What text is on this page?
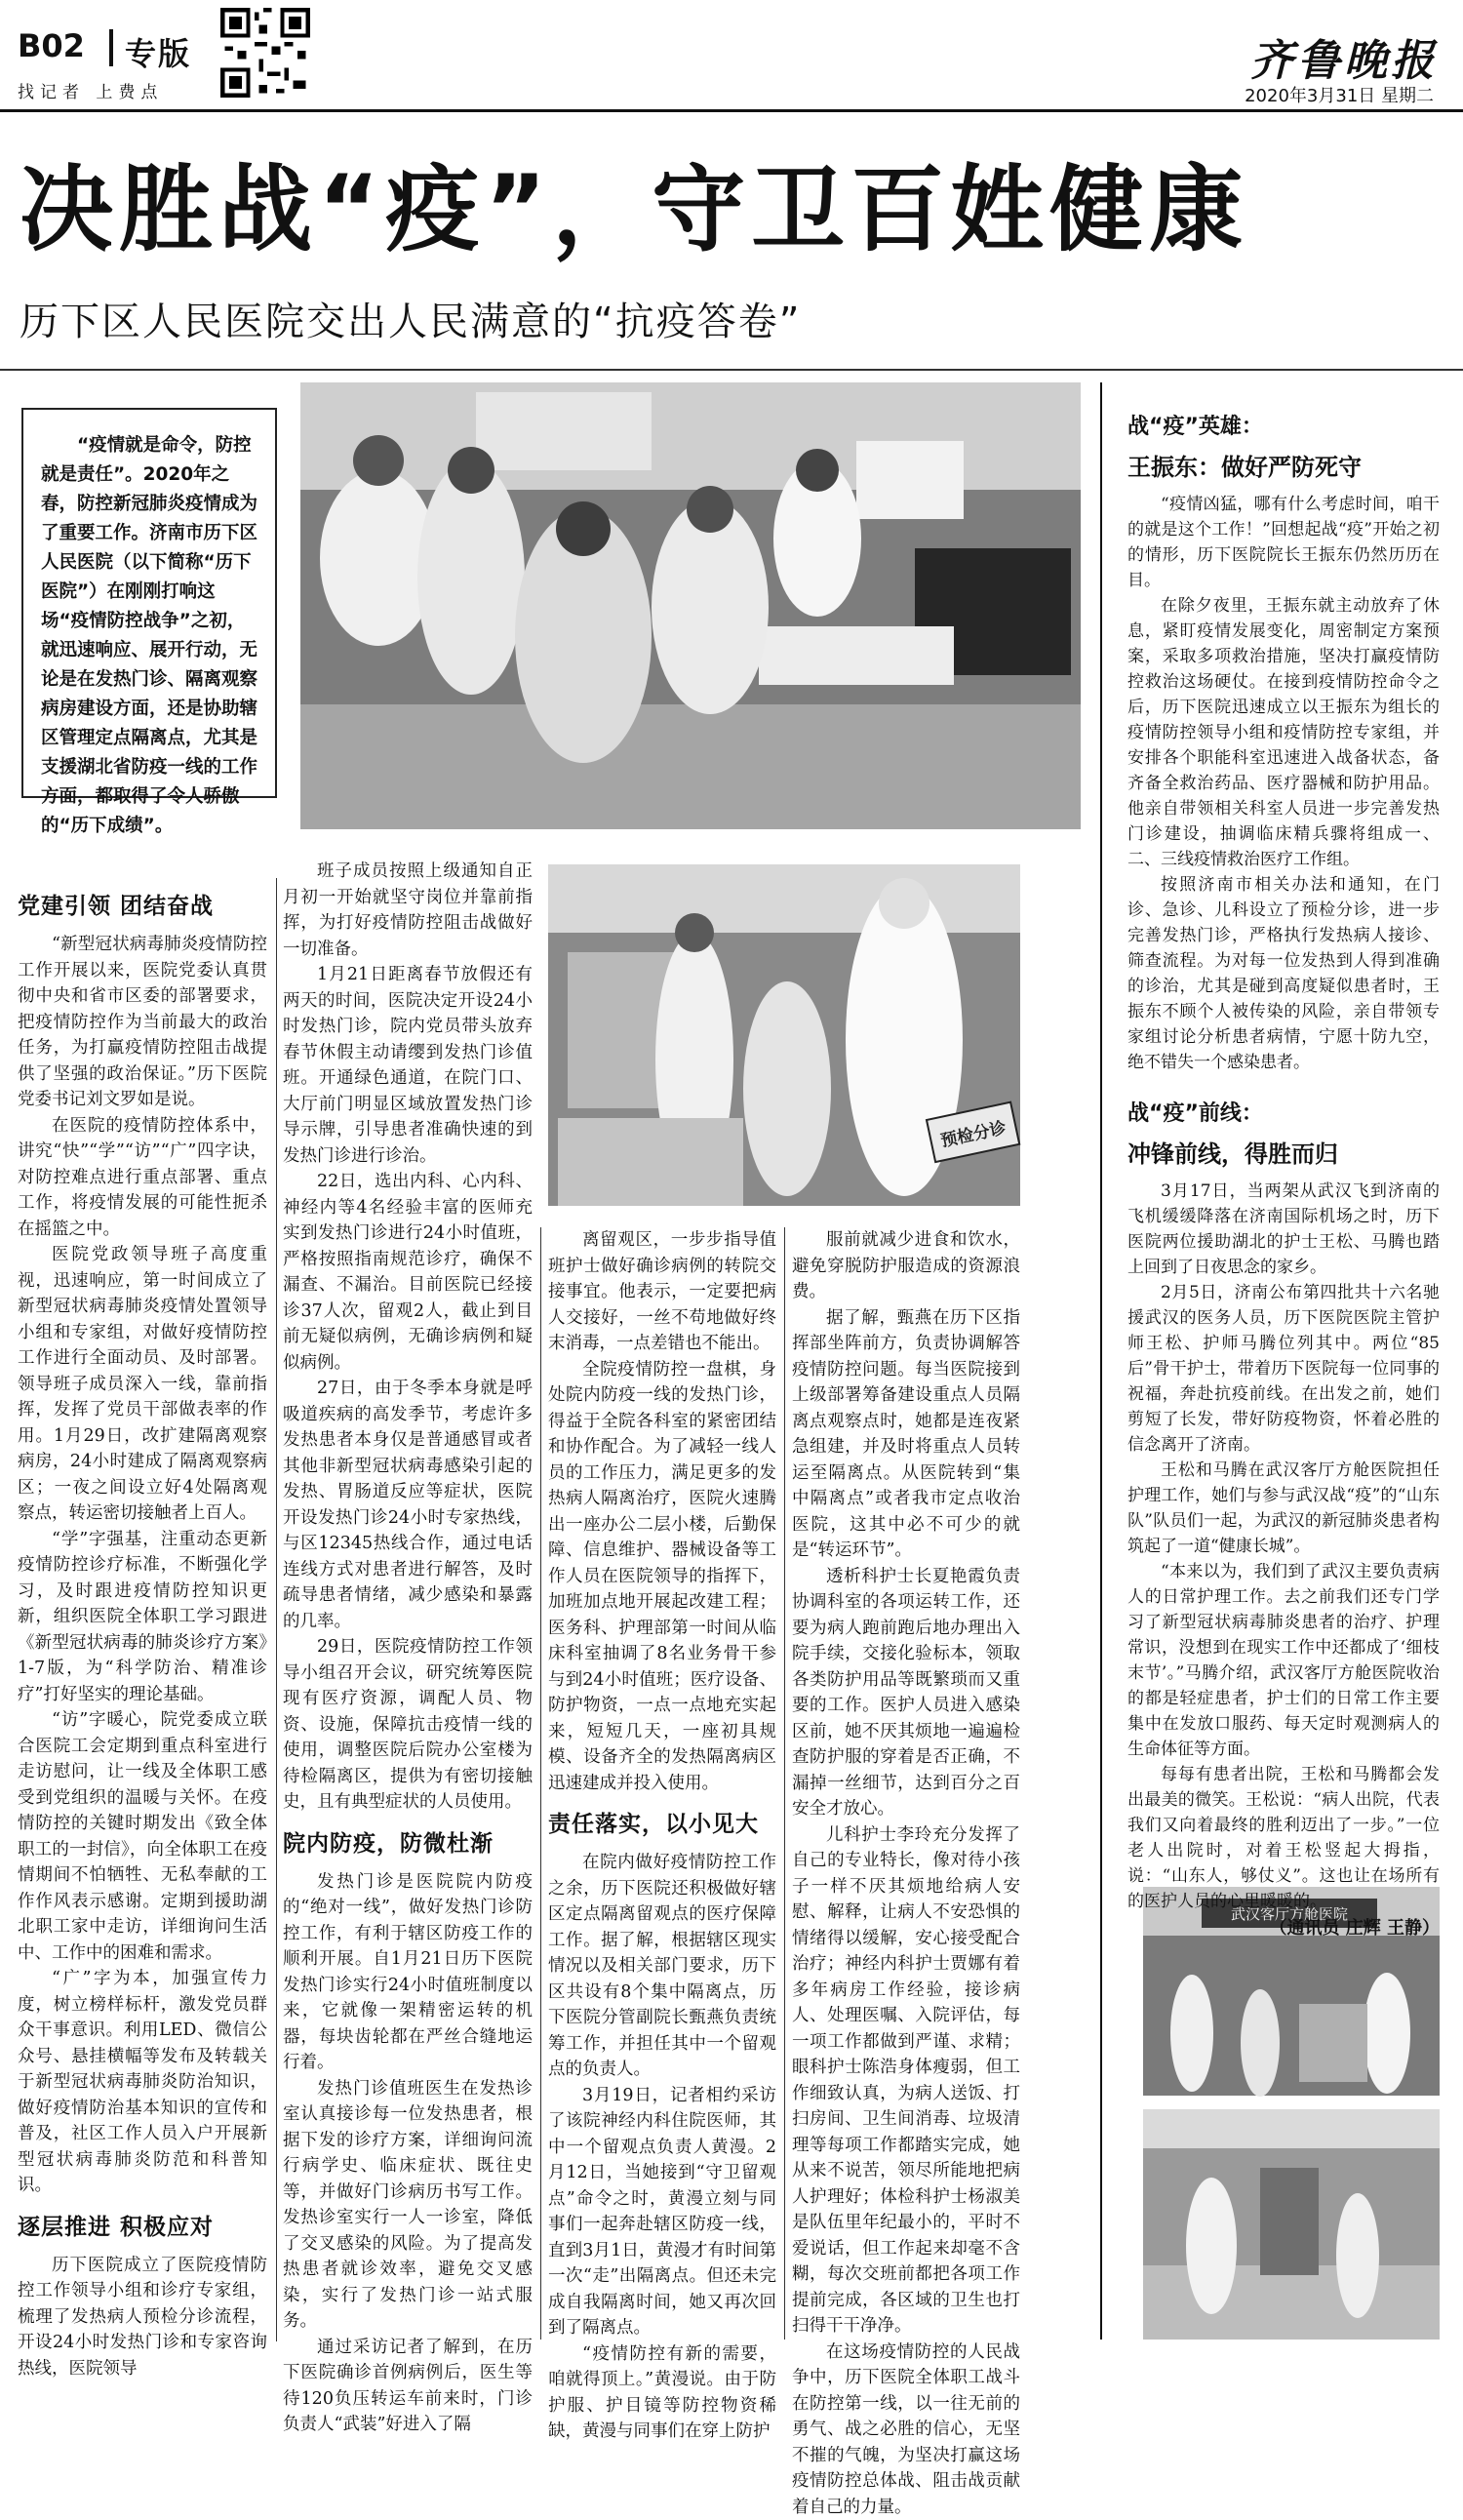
B02 专版
找记者 上费点
齐鲁晚报
2020年3月31日 星期二
决胜战“疫”，守卫百姓健康
历下区人民医院交出人民满意的“抗疫答卷”
“疫情就是命令，防控就是责任”。2020年之春，防控新冠肺炎疫情成为了重要工作。济南市历下区人民医院（以下简称“历下医院”）在刚刚打响这场“疫情防控战争”之初，就迅速响应、展开行动，无论是在发热门诊、隔离观察病房建设方面，还是协助辖区管理定点隔离点，尤其是支援湖北省防疫一线的工作方面，都取得了令人骄傲的“历下成绩”。
预检分诊
武汉客厅方舱医院
党建引领 团结奋战

“新型冠状病毒肺炎疫情防控工作开展以来，医院党委认真贯彻中央和省市区委的部署要求，把疫情防控作为当前最大的政治任务，为打赢疫情防控阻击战提供了坚强的政治保证。”历下医院党委书记刘文罗如是说。

在医院的疫情防控体系中，讲究“快”“学”“访”“广”四字诀，对防控难点进行重点部署、重点工作，将疫情发展的可能性扼杀在摇篮之中。

医院党政领导班子高度重视，迅速响应，第一时间成立了新型冠状病毒肺炎疫情处置领导小组和专家组，对做好疫情防控工作进行全面动员、及时部署。领导班子成员深入一线，靠前指挥，发挥了党员干部做表率的作用。1月29日，改扩建隔离观察病房，24小时建成了隔离观察病区；一夜之间设立好4处隔离观察点，转运密切接触者上百人。

“学”字强基，注重动态更新疫情防控诊疗标准，不断强化学习，及时跟进疫情防控知识更新，组织医院全体职工学习跟进《新型冠状病毒的肺炎诊疗方案》1-7版，为“科学防治、精准诊疗”打好坚实的理论基础。

“访”字暖心，院党委成立联合医院工会定期到重点科室进行走访慰问，让一线及全体职工感受到党组织的温暖与关怀。在疫情防控的关键时期发出《致全体职工的一封信》，向全体职工在疫情期间不怕牺牲、无私奉献的工作作风表示感谢。定期到援助湖北职工家中走访，详细询问生活中、工作中的困难和需求。

“广”字为本，加强宣传力度，树立榜样标杆，激发党员群众干事意识。利用LED、微信公众号、悬挂横幅等发布及转载关于新型冠状病毒肺炎防治知识，做好疫情防治基本知识的宣传和普及，社区工作人员入户开展新型冠状病毒肺炎防范和科普知识。

逐层推进 积极应对

历下医院成立了医院疫情防控工作领导小组和诊疗专家组，梳理了发热病人预检分诊流程，开设24小时发热门诊和专家咨询热线，医院领导

班子成员按照上级通知自正月初一开始就坚守岗位并靠前指挥，为打好疫情防控阻击战做好一切准备。

1月21日距离春节放假还有两天的时间，医院决定开设24小时发热门诊，院内党员带头放弃春节休假主动请缨到发热门诊值班。开通绿色通道，在院门口、大厅前门明显区域放置发热门诊导示牌，引导患者准确快速的到发热门诊进行诊治。

22日，选出内科、心内科、神经内等4名经验丰富的医师充实到发热门诊进行24小时值班，严格按照指南规范诊疗，确保不漏查、不漏治。目前医院已经接诊37人次，留观2人，截止到目前无疑似病例，无确诊病例和疑似病例。

27日，由于冬季本身就是呼吸道疾病的高发季节，考虑许多发热患者本身仅是普通感冒或者其他非新型冠状病毒感染引起的发热、胃肠道反应等症状，医院开设发热门诊24小时专家热线，与区12345热线合作，通过电话连线方式对患者进行解答，及时疏导患者情绪，减少感染和暴露的几率。

29日，医院疫情防控工作领导小组召开会议，研究统筹医院现有医疗资源，调配人员、物资、设施，保障抗击疫情一线的使用，调整医院后院办公室楼为待检隔离区，提供为有密切接触史，且有典型症状的人员使用。

院内防疫，防微杜渐

发热门诊是医院院内防疫的“绝对一线”，做好发热门诊防控工作，有利于辖区防疫工作的顺利开展。自1月21日历下医院发热门诊实行24小时值班制度以来，它就像一架精密运转的机器，每块齿轮都在严丝合缝地运行着。

发热门诊值班医生在发热诊室认真接诊每一位发热患者，根据下发的诊疗方案，详细询问流行病学史、临床症状、既往史等，并做好门诊病历书写工作。发热诊室实行一人一诊室，降低了交叉感染的风险。为了提高发热患者就诊效率，避免交叉感染，实行了发热门诊一站式服务。

通过采访记者了解到，在历下医院确诊首例病例后，医生等待120负压转运车前来时，门诊负责人“武装”好进入了隔

离留观区，一步步指导值班护士做好确诊病例的转院交接事宜。他表示，一定要把病人交接好，一丝不苟地做好终末消毒，一点差错也不能出。

全院疫情防控一盘棋，身处院内防疫一线的发热门诊，得益于全院各科室的紧密团结和协作配合。为了减轻一线人员的工作压力，满足更多的发热病人隔离治疗，医院火速腾出一座办公二层小楼，后勤保障、信息维护、器械设备等工作人员在医院领导的指挥下，加班加点地开展起改建工程；医务科、护理部第一时间从临床科室抽调了8名业务骨干参与到24小时值班；医疗设备、防护物资，一点一点地充实起来，短短几天，一座初具规模、设备齐全的发热隔离病区迅速建成并投入使用。

责任落实，以小见大

在院内做好疫情防控工作之余，历下医院还积极做好辖区定点隔离留观点的医疗保障工作。据了解，根据辖区现实情况以及相关部门要求，历下区共设有8个集中隔离点，历下医院分管副院长甄燕负责统筹工作，并担任其中一个留观点的负责人。

3月19日，记者相约采访了该院神经内科住院医师，其中一个留观点负责人黄漫。2月12日，当她接到“守卫留观点”命令之时，黄漫立刻与同事们一起奔赴辖区防疫一线，直到3月1日，黄漫才有时间第一次“走”出隔离点。但还未完成自我隔离时间，她又再次回到了隔离点。

“疫情防控有新的需要，咱就得顶上。”黄漫说。由于防护服、护目镜等防控物资稀缺，黄漫与同事们在穿上防护

服前就减少进食和饮水，避免穿脱防护服造成的资源浪费。

据了解，甄燕在历下区指挥部坐阵前方，负责协调解答疫情防控问题。每当医院接到上级部署筹备建设重点人员隔离点观察点时，她都是连夜紧急组建，并及时将重点人员转运至隔离点。从医院转到“集中隔离点”或者我市定点收治医院，这其中必不可少的就是“转运环节”。

透析科护士长夏艳霞负责协调科室的各项运转工作，还要为病人跑前跑后地办理出入院手续，交接化验标本，领取各类防护用品等既繁琐而又重要的工作。医护人员进入感染区前，她不厌其烦地一遍遍检查防护服的穿着是否正确，不漏掉一丝细节，达到百分之百安全才放心。

儿科护士李玲充分发挥了自己的专业特长，像对待小孩子一样不厌其烦地给病人安慰、解释，让病人不安恐惧的情绪得以缓解，安心接受配合治疗；神经内科护士贾娜有着多年病房工作经验，接诊病人、处理医嘱、入院评估，每一项工作都做到严谨、求精；眼科护士陈浩身体瘦弱，但工作细致认真，为病人送饭、打扫房间、卫生间消毒、垃圾清理等每项工作都踏实完成，她从来不说苦，领尽所能地把病人护理好；体检科护士杨淑美是队伍里年纪最小的，平时不爱说话，但工作起来却毫不含糊，每次交班前都把各项工作提前完成，各区域的卫生也打扫得干干净净。

在这场疫情防控的人民战争中，历下医院全体职工战斗在防控第一线，以一往无前的勇气、战之必胜的信心，无坚不摧的气魄，为坚决打赢这场疫情防控总体战、阻击战贡献着自己的力量。

战“疫”英雄：
王振东：做好严防死守

“疫情凶猛，哪有什么考虑时间，咱干的就是这个工作！”回想起战“疫”开始之初的情形，历下医院院长王振东仍然历历在目。

在除夕夜里，王振东就主动放弃了休息，紧盯疫情发展变化，周密制定方案预案，采取多项救治措施，坚决打赢疫情防控救治这场硬仗。在接到疫情防控命令之后，历下医院迅速成立以王振东为组长的疫情防控领导小组和疫情防控专家组，并安排各个职能科室迅速进入战备状态，备齐备全救治药品、医疗器械和防护用品。他亲自带领相关科室人员进一步完善发热门诊建设，抽调临床精兵骤将组成一、二、三线疫情救治医疗工作组。

按照济南市相关办法和通知，在门诊、急诊、儿科设立了预检分诊，进一步完善发热门诊，严格执行发热病人接诊、筛查流程。为对每一位发热到人得到准确的诊治，尤其是碰到高度疑似患者时，王振东不顾个人被传染的风险，亲自带领专家组讨论分析患者病情，宁愿十防九空，绝不错失一个感染患者。

战“疫”前线：
冲锋前线，得胜而归

3月17日，当两架从武汉飞到济南的飞机缓缓降落在济南国际机场之时，历下医院两位援助湖北的护士王松、马腾也踏上回到了日夜思念的家乡。

2月5日，济南公布第四批共十六名驰援武汉的医务人员，历下医院医院主管护师王松、护师马腾位列其中。两位“85后”骨干护士，带着历下医院每一位同事的祝福，奔赴抗疫前线。在出发之前，她们剪短了长发，带好防疫物资，怀着必胜的信念离开了济南。

王松和马腾在武汉客厅方舱医院担任护理工作，她们与参与武汉战“疫”的“山东队”队员们一起，为武汉的新冠肺炎患者构筑起了一道“健康长城”。

“本来以为，我们到了武汉主要负责病人的日常护理工作。去之前我们还专门学习了新型冠状病毒肺炎患者的治疗、护理常识，没想到在现实工作中还都成了‘细枝末节’。”马腾介绍，武汉客厅方舱医院收治的都是轻症患者，护士们的日常工作主要集中在发放口服药、每天定时观测病人的生命体征等方面。

每每有患者出院，王松和马腾都会发出最美的微笑。王松说：“病人出院，代表我们又向着最终的胜利迈出了一步。”一位老人出院时，对着王松竖起大拇指，说：“山东人，够仗义”。这也让在场所有的医护人员的心里暖暖的。

（通讯员 庄辉 王静）
